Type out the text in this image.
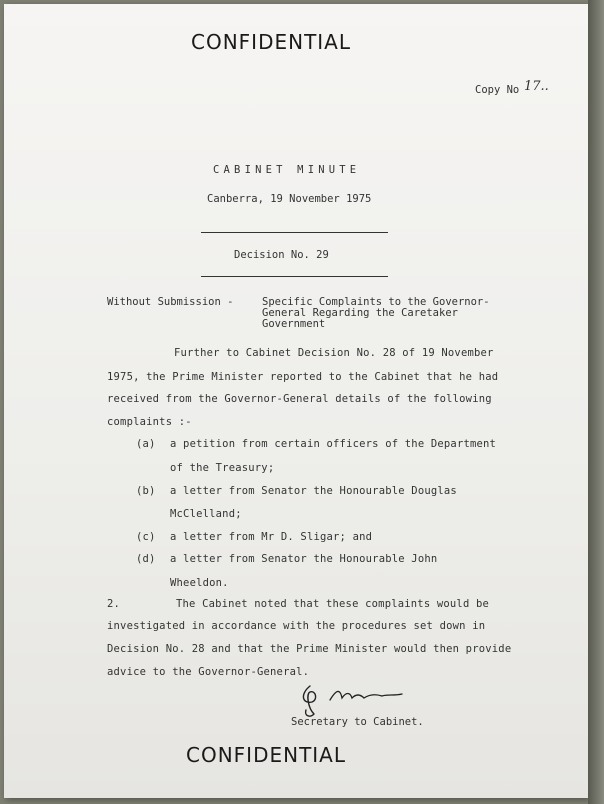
CONFIDENTIAL
Copy No 17..
CABINET MINUTE
Canberra, 19 November 1975
Decision No. 29
Without Submission -	Specific Complaints to the Governor-
General Regarding the Caretaker
Government
Further to Cabinet Decision No. 28 of 19 November
1975, the Prime Minister reported to the Cabinet that he had
received from the Governor-General details of the following
complaints :-
(a) a petition from certain officers of the Department
of the Treasury;
(b) a letter from Senator the Honourable Douglas
McClelland;
(c) a letter from Mr D. Sligar; and
(d) a letter from Senator the Honourable John
Wheeldon.
2.	The Cabinet noted that these complaints would be
investigated in accordance with the procedures set down in
Decision No. 28 and that the Prime Minister would then provide
advice to the Governor-General.
Secretary to Cabinet.
CONFIDENTIAL
